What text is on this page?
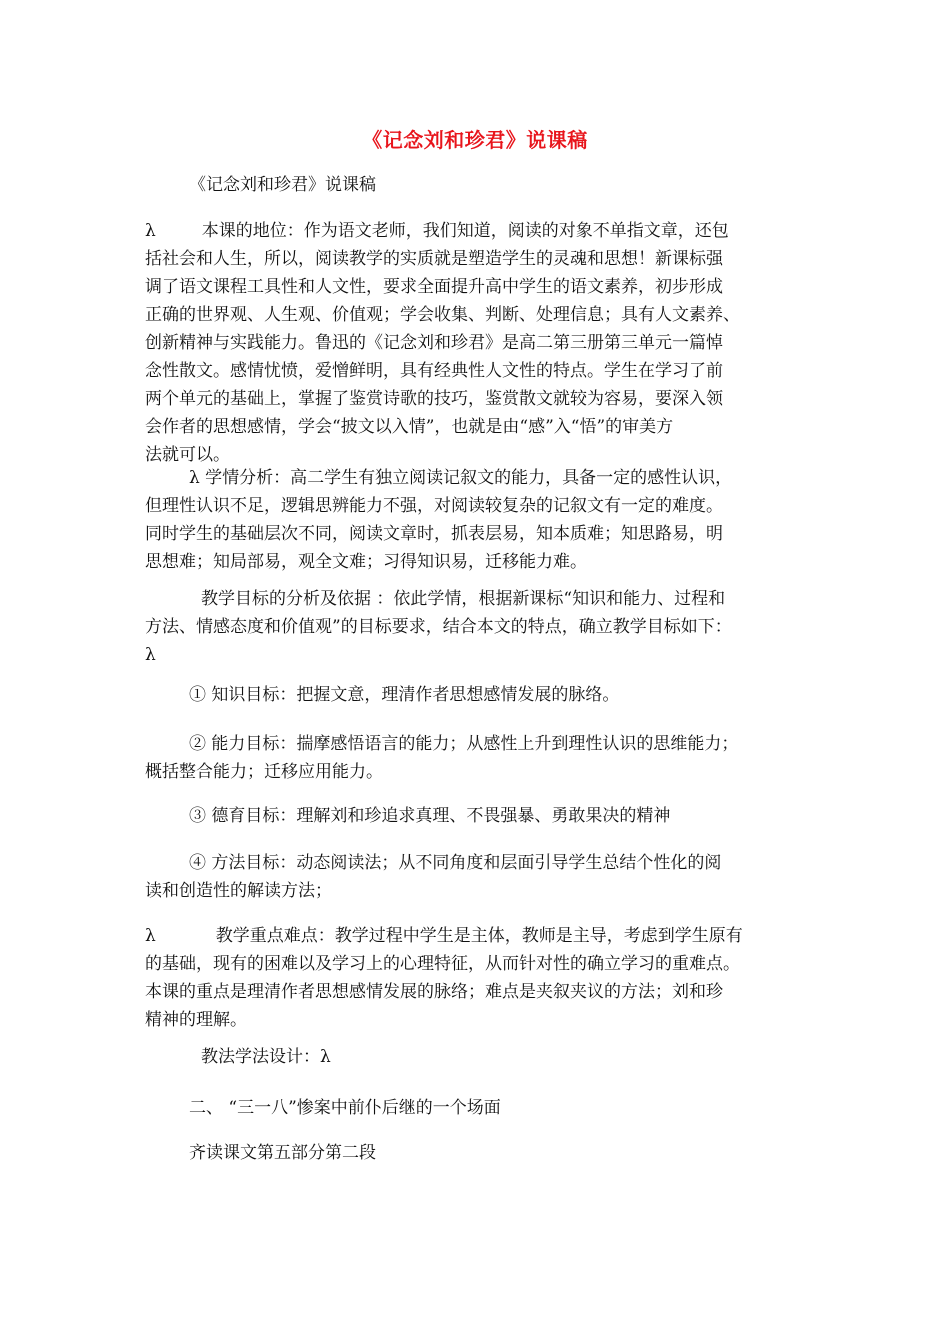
《记念刘和珍君》说课稿
《记念刘和珍君》说课稿
λ	本课的地位：作为语文老师，我们知道，阅读的对象不单指文章，还包
括社会和人生，所以，阅读教学的实质就是塑造学生的灵魂和思想！新课标强
调了语文课程工具性和人文性，要求全面提升高中学生的语文素养，初步形成
正确的世界观、人生观、价值观；学会收集、判断、处理信息；具有人文素养、
创新精神与实践能力。鲁迅的《记念刘和珍君》是高二第三册第三单元一篇悼
念性散文。感情忧愤，爱憎鲜明，具有经典性人文性的特点。学生在学习了前
两个单元的基础上，掌握了鉴赏诗歌的技巧，鉴赏散文就较为容易，要深入领
会作者的思想感情，学会“披文以入情”，也就是由“感”入“悟”的审美方
法就可以。
λ 学情分析：高二学生有独立阅读记叙文的能力，具备一定的感性认识，
但理性认识不足，逻辑思辨能力不强，对阅读较复杂的记叙文有一定的难度。
同时学生的基础层次不同，阅读文章时，抓表层易，知本质难；知思路易，明
思想难；知局部易，观全文难；习得知识易，迁移能力难。
教学目标的分析及依据 ：依此学情，根据新课标“知识和能力、过程和
方法、情感态度和价值观”的目标要求，结合本文的特点，确立教学目标如下：
λ
① 知识目标：把握文意，理清作者思想感情发展的脉络。
② 能力目标：揣摩感悟语言的能力；从感性上升到理性认识的思维能力；
概括整合能力；迁移应用能力。
③ 德育目标：理解刘和珍追求真理、不畏强暴、勇敢果决的精神
④ 方法目标：动态阅读法；从不同角度和层面引导学生总结个性化的阅
读和创造性的解读方法；
λ	教学重点难点：教学过程中学生是主体，教师是主导，考虑到学生原有
的基础，现有的困难以及学习上的心理特征，从而针对性的确立学习的重难点。
本课的重点是理清作者思想感情发展的脉络；难点是夹叙夹议的方法；刘和珍
精神的理解。
教法学法设计：λ
二、 “三一八”惨案中前仆后继的一个场面
齐读课文第五部分第二段
